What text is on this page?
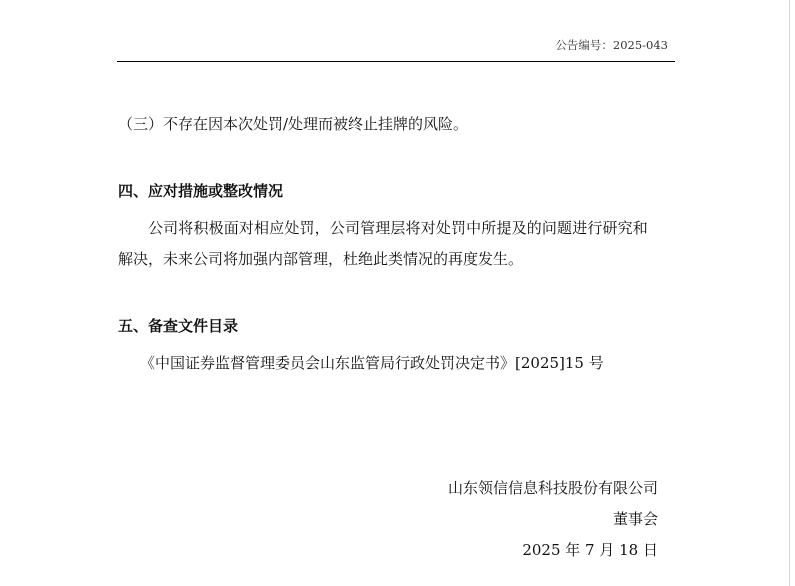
公告编号：2025-043
（三）不存在因本次处罚/处理而被终止挂牌的风险。
四、应对措施或整改情况
公司将积极面对相应处罚，公司管理层将对处罚中所提及的问题进行研究和
解决，未来公司将加强内部管理，杜绝此类情况的再度发生。
五、备查文件目录
《中国证券监督管理委员会山东监管局行政处罚决定书》[2025]15 号
山东领信信息科技股份有限公司
董事会
2025 年 7 月 18 日
